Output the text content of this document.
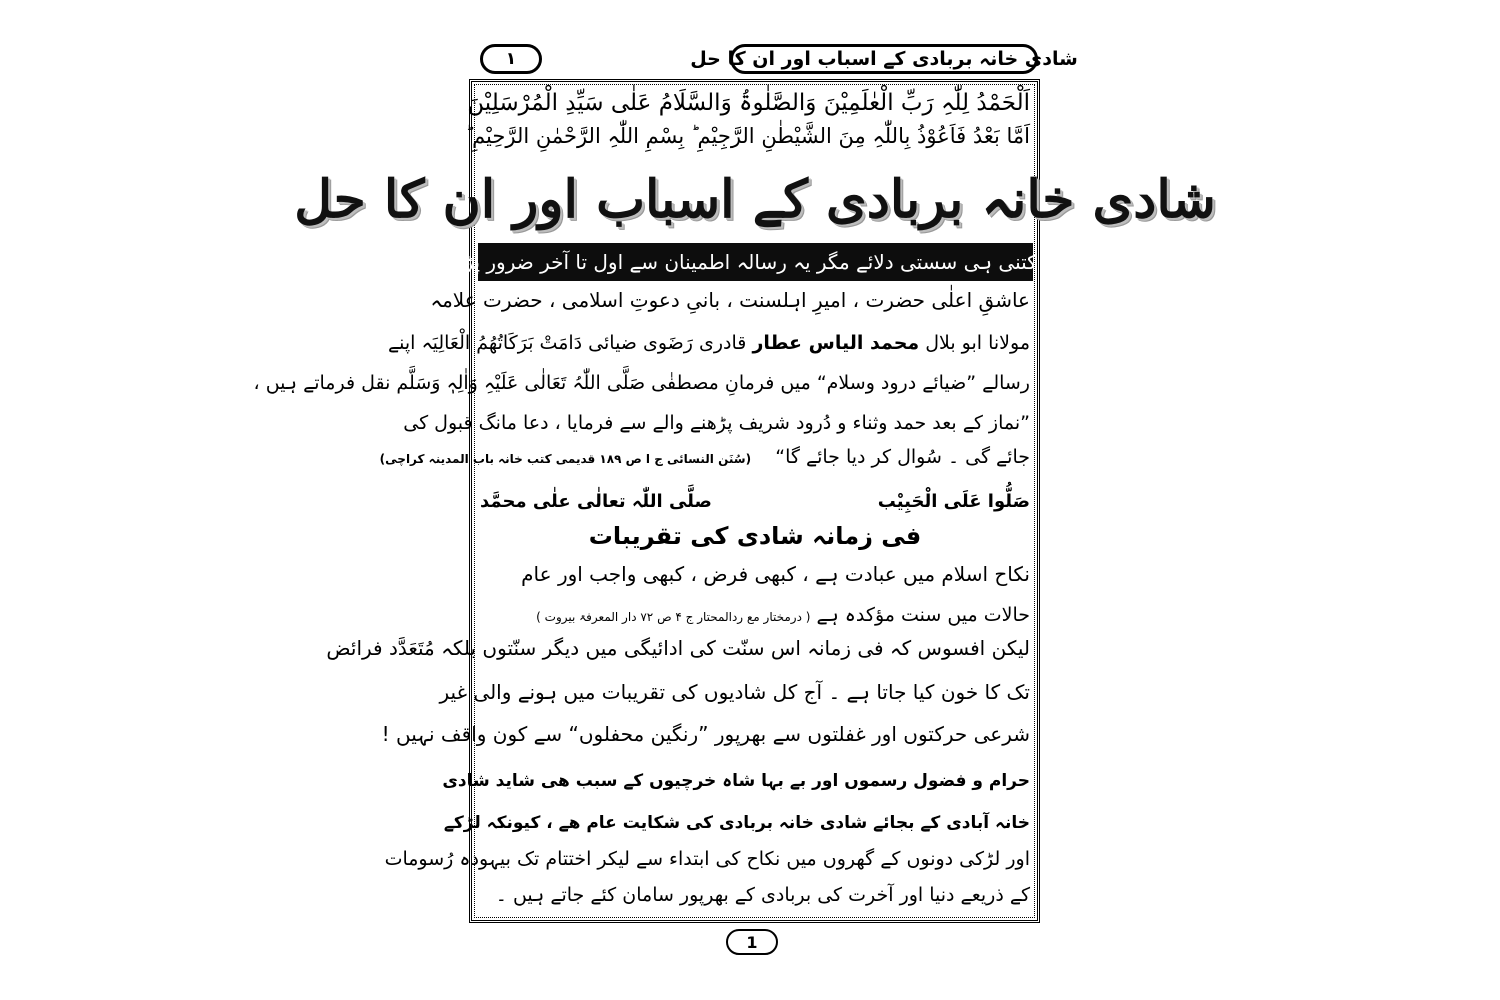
شادی خانہ بربادی کے اسباب اور ان کا حل
١
اَلْحَمْدُ لِلّٰہِ رَبِّ الْعٰلَمِیْنَ وَالصَّلٰوۃُ وَالسَّلَامُ عَلٰی سَیِّدِ الْمُرْسَلِیْنَ
اَمَّا بَعْدُ فَاَعُوْذُ بِاللّٰہِ مِنَ الشَّیْطٰنِ الرَّجِیْمِ ؕ بِسْمِ اللّٰہِ الرَّحْمٰنِ الرَّحِیْمِ ؕ
شادی خانہ بربادی کے اسباب اور ان کا حل
شیطٰن کتنی ہی سستی دلائے مگر یہ رسالہ اطمینان سے اول تا آخر ضرور پڑھیں ۔
عاشقِ اعلٰی حضرت ، امیرِ اہلسنت ، بانیِ دعوتِ اسلامی ، حضرت علامہ
مولانا ابو بلال محمد الیاس عطار قادری رَضَوی ضیائی دَامَتْ بَرَکَاتُھُمُ الْعَالِیَہ اپنے
رسالے ”ضیائے درود وسلام“ میں فرمانِ مصطفٰی صَلَّی اللّٰہُ تَعَالٰی عَلَیْہِ وَاٰلِہٖ وَسَلَّم نقل فرماتے ہیں ،
”نماز کے بعد حمد وثناء و دُرود شریف پڑھنے والے سے فرمایا ، دعا مانگ قبول کی
جائے گی ۔ سُوال کر دیا جائے گا“    (سُنَن النسائی ج ا ص ۱۸۹ قدیمی کتب خانہ باب المدینہ کراچی)
صَلُّوا عَلَی الْحَبِیْب
صلَّی اللّٰہ تعالٰی علٰی محمَّد
فی زمانہ شادی کی تقریبات
نکاح اسلام میں عبادت ہے ، کبھی فرض ، کبھی واجب اور عام
حالات میں سنت مؤکدہ ہے ( درمختار مع ردالمحتار ج ۴ ص ۷۲ دار المعرفۃ بیروت )
لیکن افسوس کہ فی زمانہ اس سنّت کی ادائیگی میں دیگر سنّتوں بلکہ مُتَعَدَّد فرائض
تک کا خون کیا جاتا ہے ۔ آج کل شادیوں کی تقریبات میں ہونے والی غیر
شرعی حرکتوں اور غفلتوں سے بھرپور ”رنگین محفلوں“ سے کون واقف نہیں !
حرام و فضول رسموں اور بے بہا شاہ خرچیوں کے سبب ھی شاید شادی
خانہ آبادی کے بجائے شادی خانہ بربادی کی شکایت عام ھے ، کیونکہ لڑکے
اور لڑکی دونوں کے گھروں میں نکاح کی ابتداء سے لیکر اختتام تک بیہودہ رُسومات
کے ذریعے دنیا اور آخرت کی بربادی کے بھرپور سامان کئے جاتے ہیں ۔
1
